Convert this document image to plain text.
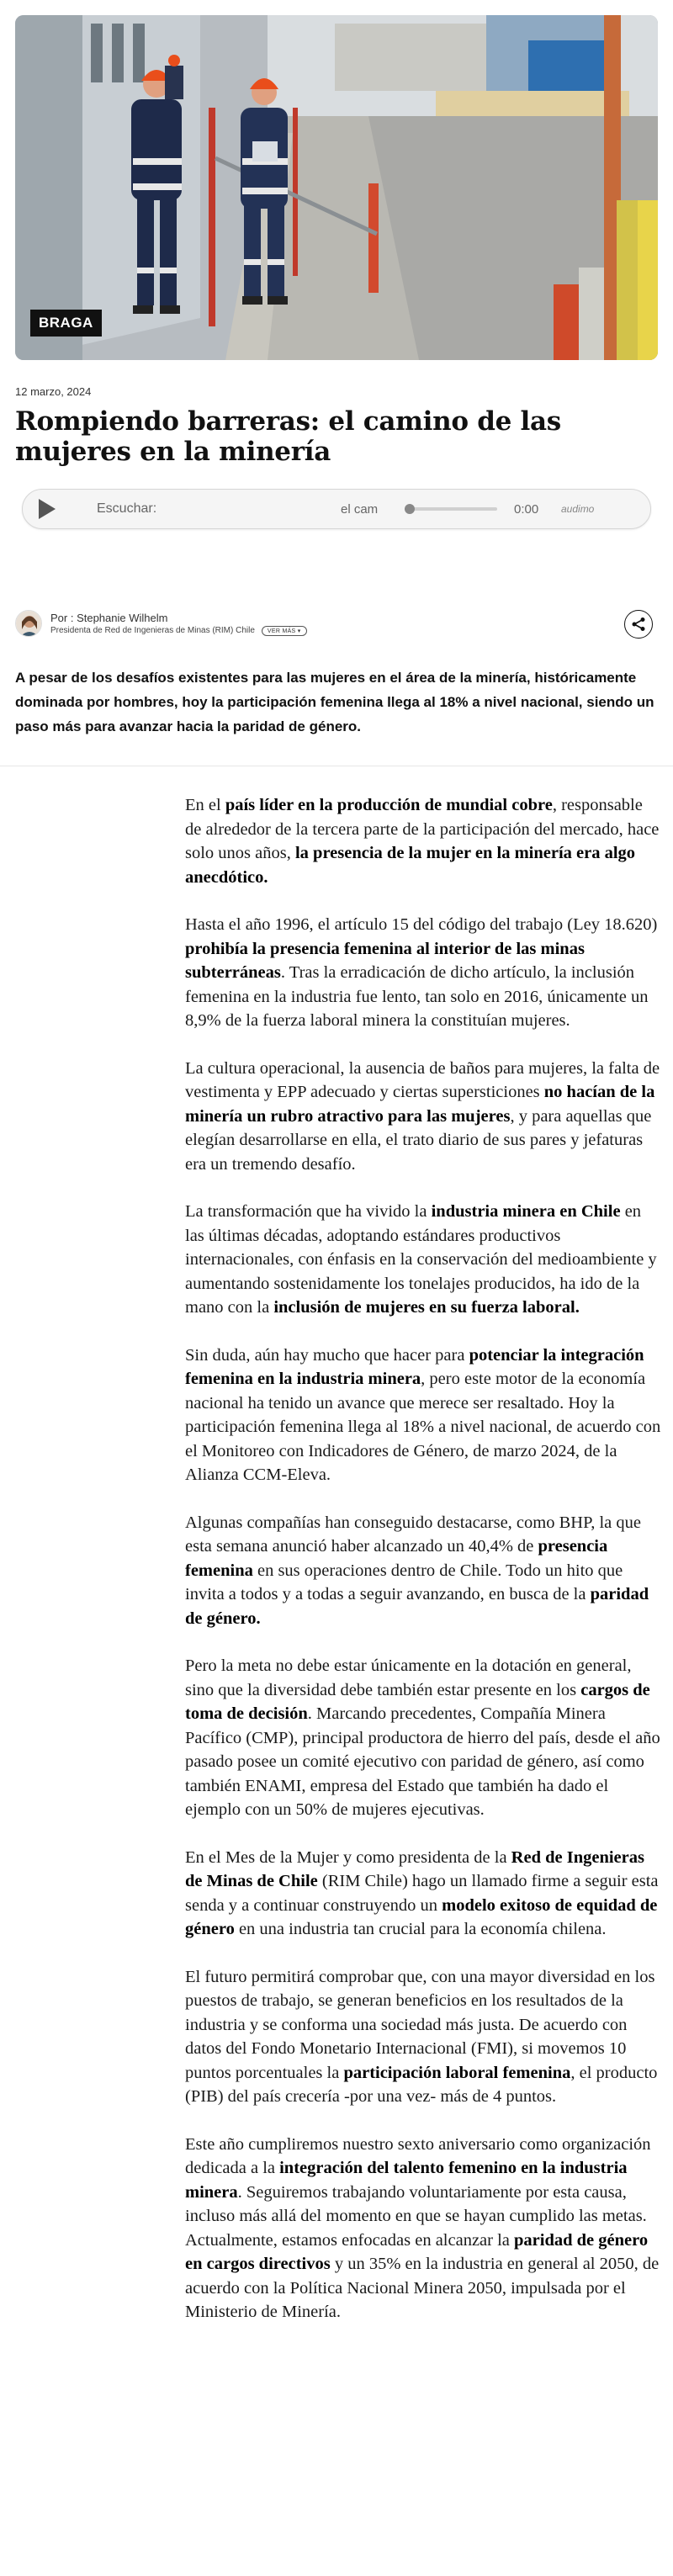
BRAGA
12 marzo, 2024
Rompiendo barreras: el camino de las mujeres en la minería
Escuchar:	el cam	0:00	audimo
Por : Stephanie Wilhelm
Presidenta de Red de Ingenieras de Minas (RIM) Chile	VER MÁS ▾

A pesar de los desafíos existentes para las mujeres en el área de la minería, históricamente dominada por hombres, hoy la participación femenina llega al 18% a nivel nacional, siendo un paso más para avanzar hacia la paridad de género.

En el país líder en la producción de mundial cobre, responsable de alrededor de la tercera parte de la participación del mercado, hace solo unos años, la presencia de la mujer en la minería era algo anecdótico.

Hasta el año 1996, el artículo 15 del código del trabajo (Ley 18.620) prohibía la presencia femenina al interior de las minas subterráneas. Tras la erradicación de dicho artículo, la inclusión femenina en la industria fue lento, tan solo en 2016, únicamente un 8,9% de la fuerza laboral minera la constituían mujeres.

La cultura operacional, la ausencia de baños para mujeres, la falta de vestimenta y EPP adecuado y ciertas supersticiones no hacían de la minería un rubro atractivo para las mujeres, y para aquellas que elegían desarrollarse en ella, el trato diario de sus pares y jefaturas era un tremendo desafío.

La transformación que ha vivido la industria minera en Chile en las últimas décadas, adoptando estándares productivos internacionales, con énfasis en la conservación del medioambiente y aumentando sostenidamente los tonelajes producidos, ha ido de la mano con la inclusión de mujeres en su fuerza laboral.

Sin duda, aún hay mucho que hacer para potenciar la integración femenina en la industria minera, pero este motor de la economía nacional ha tenido un avance que merece ser resaltado. Hoy la participación femenina llega al 18% a nivel nacional, de acuerdo con el Monitoreo con Indicadores de Género, de marzo 2024, de la Alianza CCM-Eleva.

Algunas compañías han conseguido destacarse, como BHP, la que esta semana anunció haber alcanzado un 40,4% de presencia femenina en sus operaciones dentro de Chile. Todo un hito que invita a todos y a todas a seguir avanzando, en busca de la paridad de género.

Pero la meta no debe estar únicamente en la dotación en general, sino que la diversidad debe también estar presente en los cargos de toma de decisión. Marcando precedentes, Compañía Minera Pacífico (CMP), principal productora de hierro del país, desde el año pasado posee un comité ejecutivo con paridad de género, así como también ENAMI, empresa del Estado que también ha dado el ejemplo con un 50% de mujeres ejecutivas.

En el Mes de la Mujer y como presidenta de la Red de Ingenieras de Minas de Chile (RIM Chile) hago un llamado firme a seguir esta senda y a continuar construyendo un modelo exitoso de equidad de género en una industria tan crucial para la economía chilena.

El futuro permitirá comprobar que, con una mayor diversidad en los puestos de trabajo, se generan beneficios en los resultados de la industria y se conforma una sociedad más justa. De acuerdo con datos del Fondo Monetario Internacional (FMI), si movemos 10 puntos porcentuales la participación laboral femenina, el producto (PIB) del país crecería -por una vez- más de 4 puntos.

Este año cumpliremos nuestro sexto aniversario como organización dedicada a la integración del talento femenino en la industria minera. Seguiremos trabajando voluntariamente por esta causa, incluso más allá del momento en que se hayan cumplido las metas. Actualmente, estamos enfocadas en alcanzar la paridad de género en cargos directivos y un 35% en la industria en general al 2050, de acuerdo con la Política Nacional Minera 2050, impulsada por el Ministerio de Minería.
